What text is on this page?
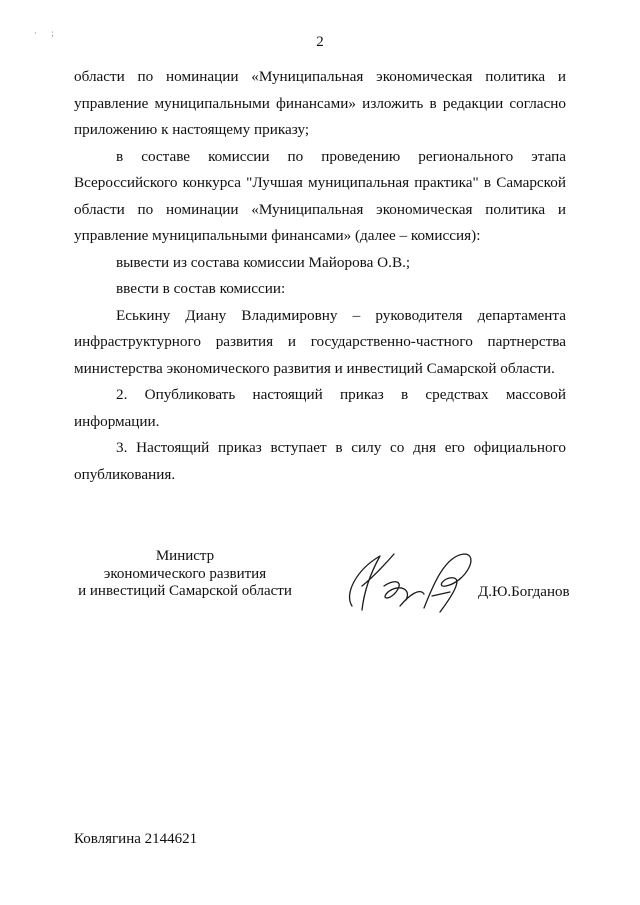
· ;
2

области по номинации «Муниципальная экономическая политика и управление муниципальными финансами» изложить в редакции согласно приложению к настоящему приказу;

в составе комиссии по проведению регионального этапа Всероссийского конкурса "Лучшая муниципальная практика" в Самарской области по номинации «Муниципальная экономическая политика и управление муниципальными финансами» (далее – комиссия):

вывести из состава комиссии Майорова О.В.;

ввести в состав комиссии:

Еськину Диану Владимировну – руководителя департамента инфраструктурного развития и государственно-частного партнерства министерства экономического развития и инвестиций Самарской области.

2. Опубликовать настоящий приказ в средствах массовой информации.

3. Настоящий приказ вступает в силу со дня его официального опубликования.

Министр
экономического развития
и инвестиций Самарской области	Д.Ю.Богданов
Ковлягина 2144621
